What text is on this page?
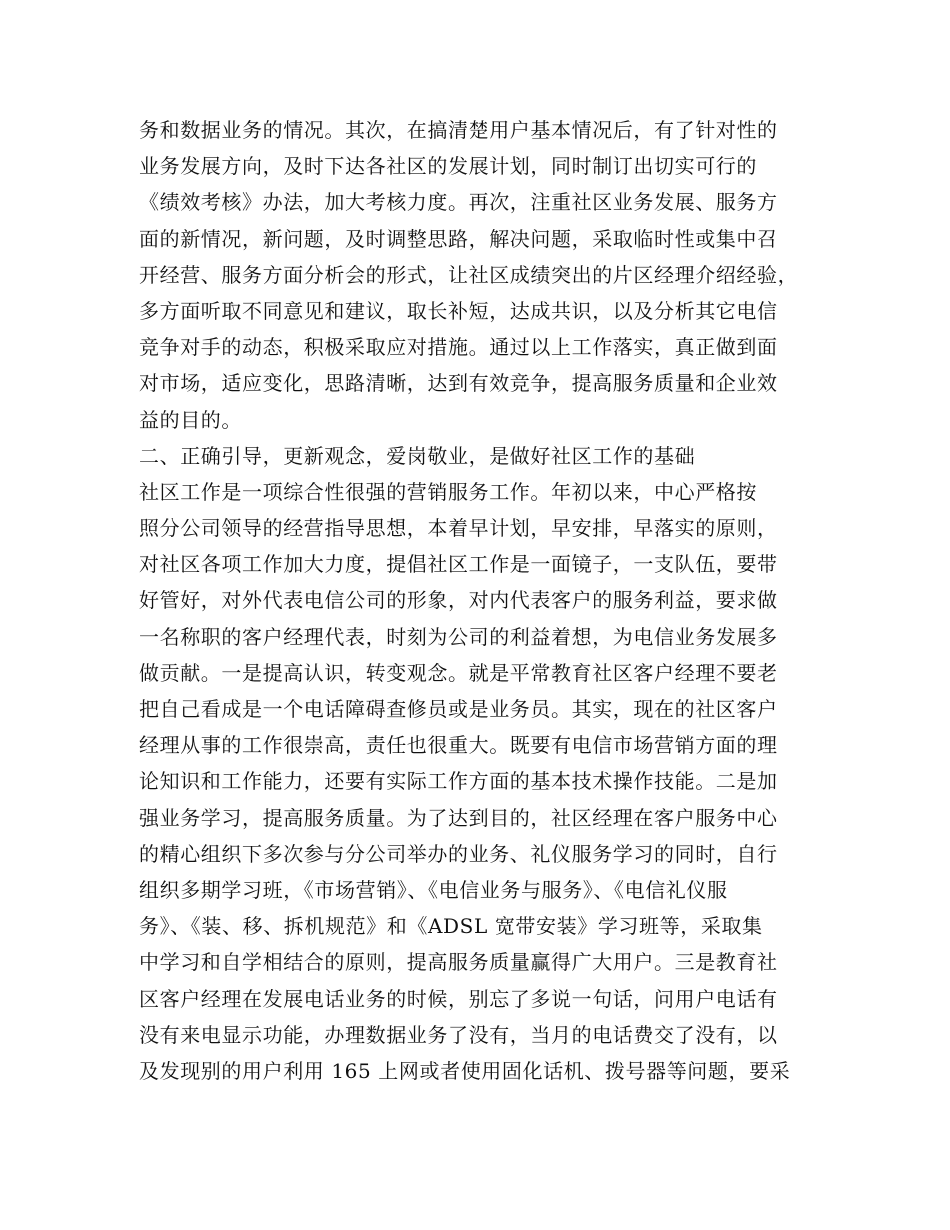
务和数据业务的情况。其次，在搞清楚用户基本情况后，有了针对性的
业务发展方向，及时下达各社区的发展计划，同时制订出切实可行的
《绩效考核》办法，加大考核力度。再次，注重社区业务发展、服务方
面的新情况，新问题，及时调整思路，解决问题，采取临时性或集中召
开经营、服务方面分析会的形式，让社区成绩突出的片区经理介绍经验，
多方面听取不同意见和建议，取长补短，达成共识，以及分析其它电信
竞争对手的动态，积极采取应对措施。通过以上工作落实，真正做到面
对市场，适应变化，思路清晰，达到有效竞争，提高服务质量和企业效
益的目的。
二、正确引导，更新观念，爱岗敬业，是做好社区工作的基础
社区工作是一项综合性很强的营销服务工作。年初以来，中心严格按
照分公司领导的经营指导思想，本着早计划，早安排，早落实的原则，
对社区各项工作加大力度，提倡社区工作是一面镜子，一支队伍，要带
好管好，对外代表电信公司的形象，对内代表客户的服务利益，要求做
一名称职的客户经理代表，时刻为公司的利益着想，为电信业务发展多
做贡献。一是提高认识，转变观念。就是平常教育社区客户经理不要老
把自己看成是一个电话障碍查修员或是业务员。其实，现在的社区客户
经理从事的工作很崇高，责任也很重大。既要有电信市场营销方面的理
论知识和工作能力，还要有实际工作方面的基本技术操作技能。二是加
强业务学习，提高服务质量。为了达到目的，社区经理在客户服务中心
的精心组织下多次参与分公司举办的业务、礼仪服务学习的同时，自行
组织多期学习班，《市场营销》、《电信业务与服务》、《电信礼仪服
务》、《装、移、拆机规范》和《ADSL 宽带安装》学习班等，采取集
中学习和自学相结合的原则，提高服务质量赢得广大用户。三是教育社
区客户经理在发展电话业务的时候，别忘了多说一句话，问用户电话有
没有来电显示功能，办理数据业务了没有，当月的电话费交了没有，以
及发现别的用户利用 165 上网或者使用固化话机、拨号器等问题，要采
